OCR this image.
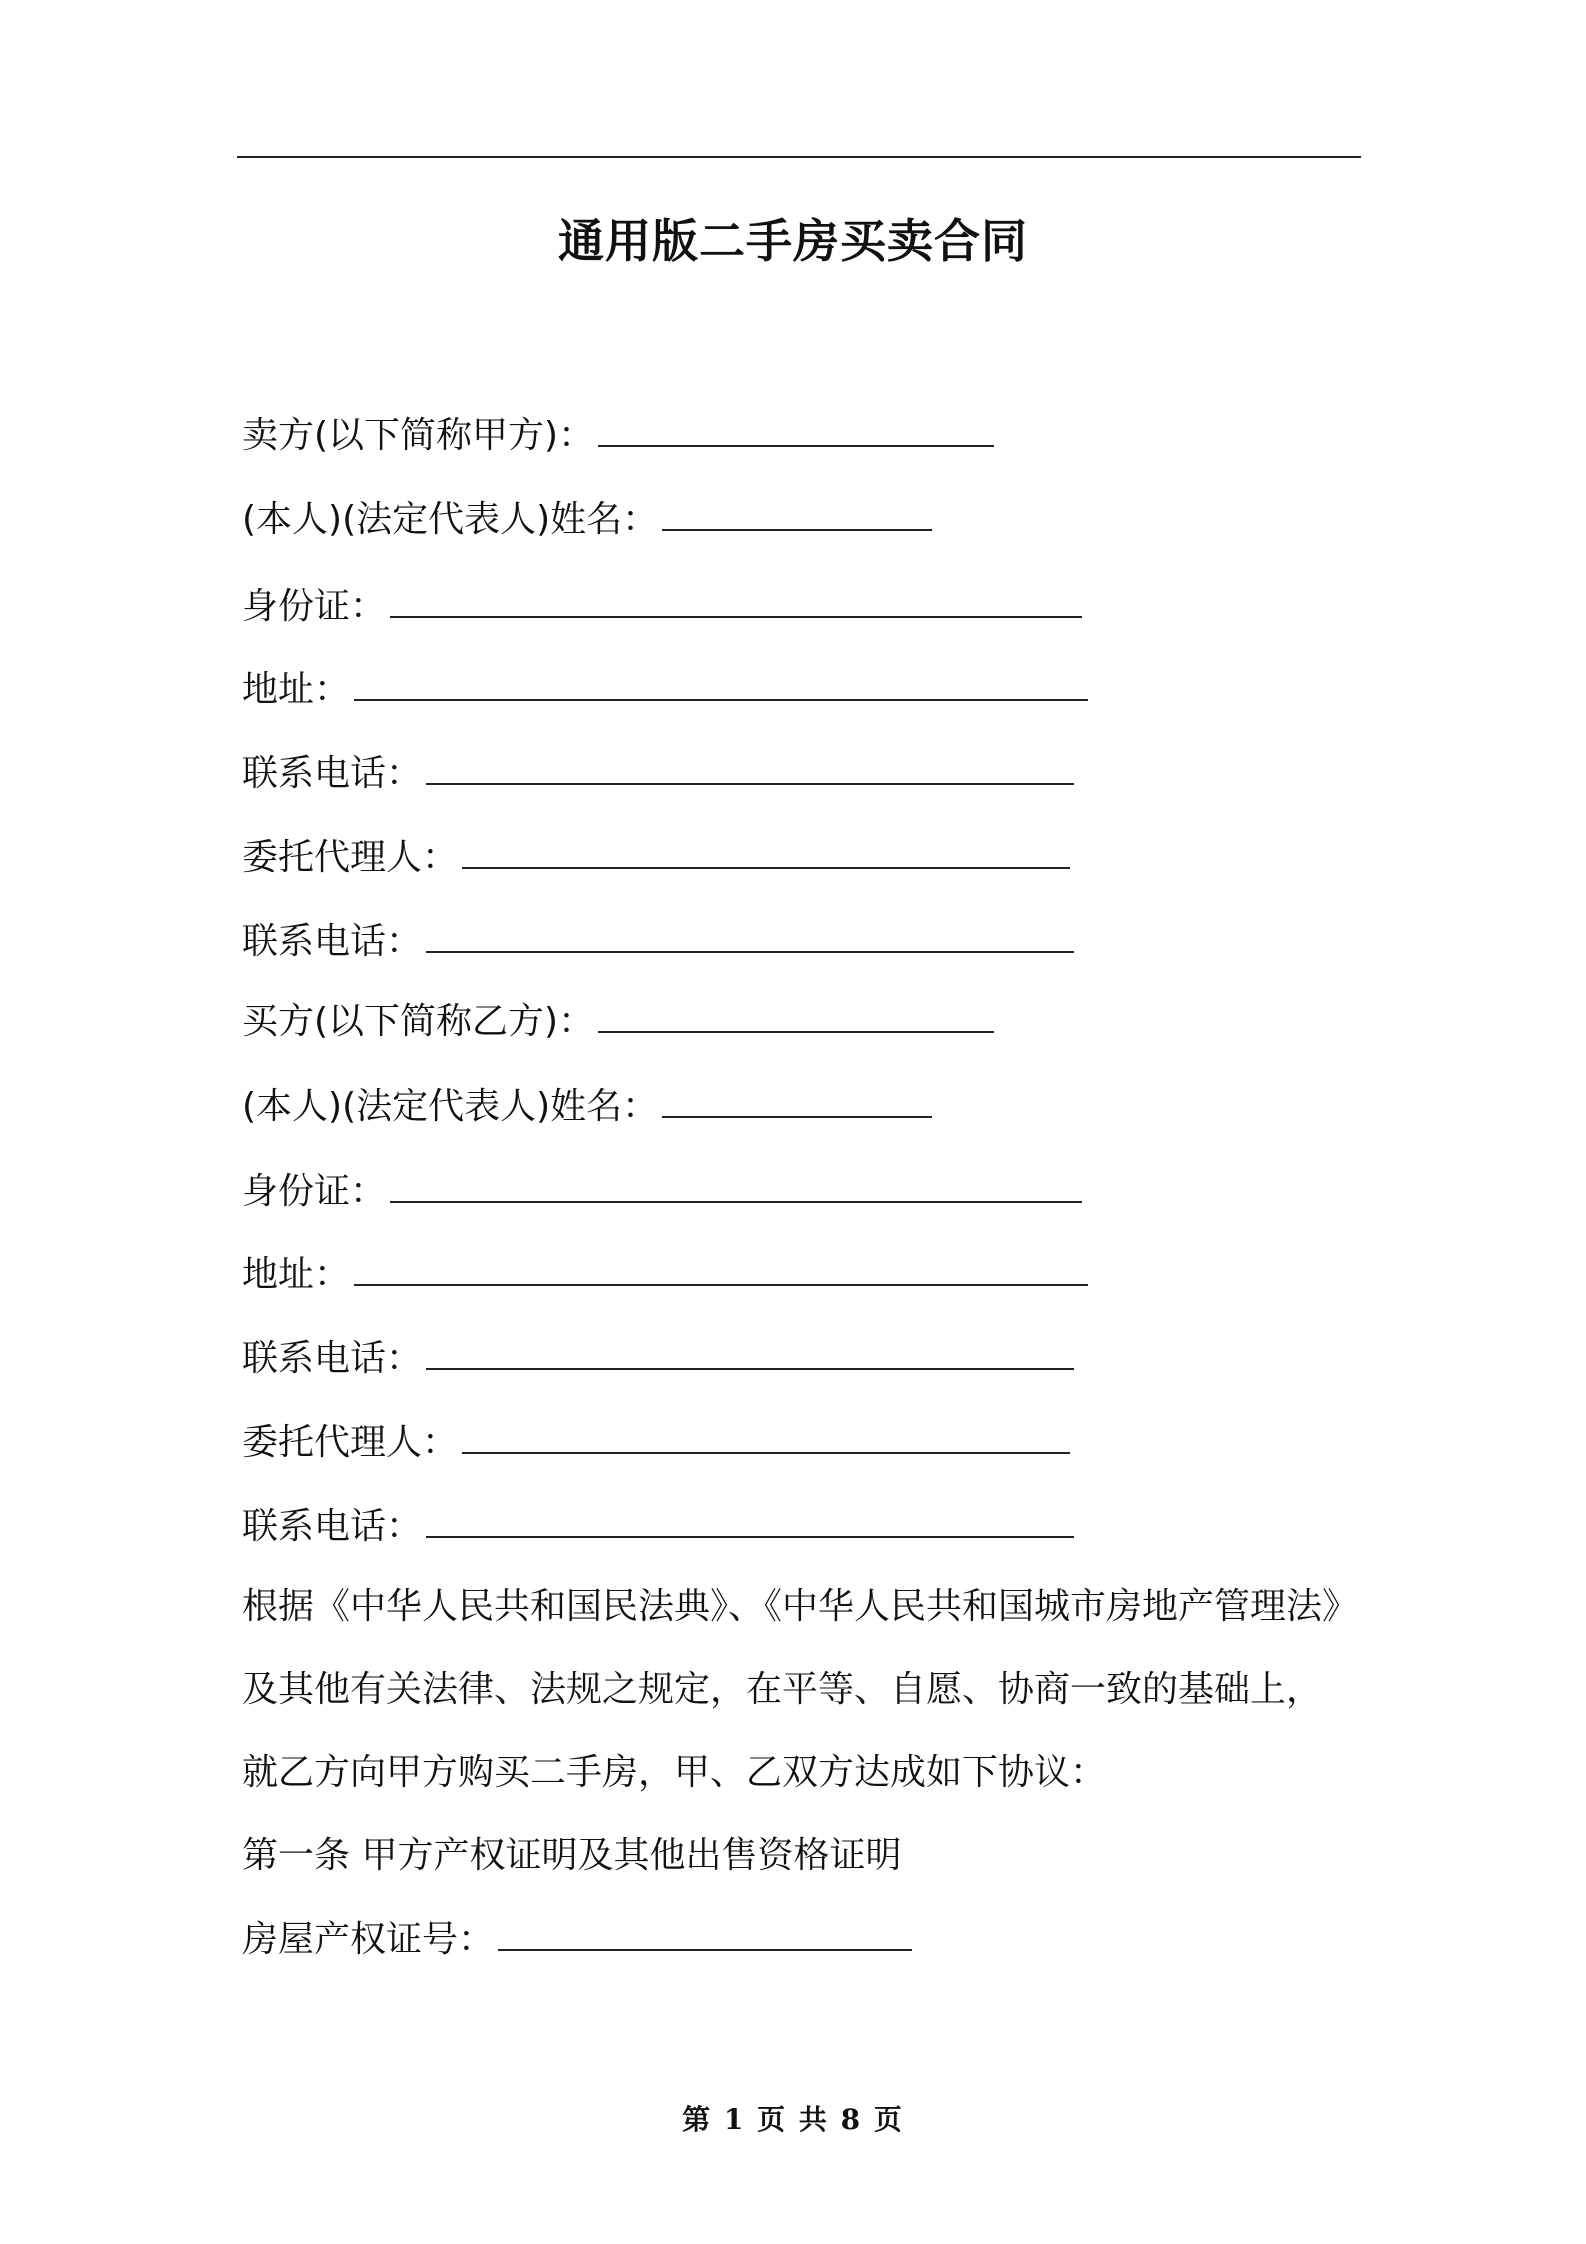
通用版二手房买卖合同
卖方(以下简称甲方)：
(本人)(法定代表人)姓名：
身份证：
地址：
联系电话：
委托代理人：
联系电话：
买方(以下简称乙方)：
(本人)(法定代表人)姓名：
身份证：
地址：
联系电话：
委托代理人：
联系电话：
根据《中华人民共和国民法典》、《中华人民共和国城市房地产管理法》
及其他有关法律、法规之规定，在平等、自愿、协商一致的基础上，
就乙方向甲方购买二手房，甲、乙双方达成如下协议：
第一条 甲方产权证明及其他出售资格证明
房屋产权证号：
第 1 页 共 8 页
